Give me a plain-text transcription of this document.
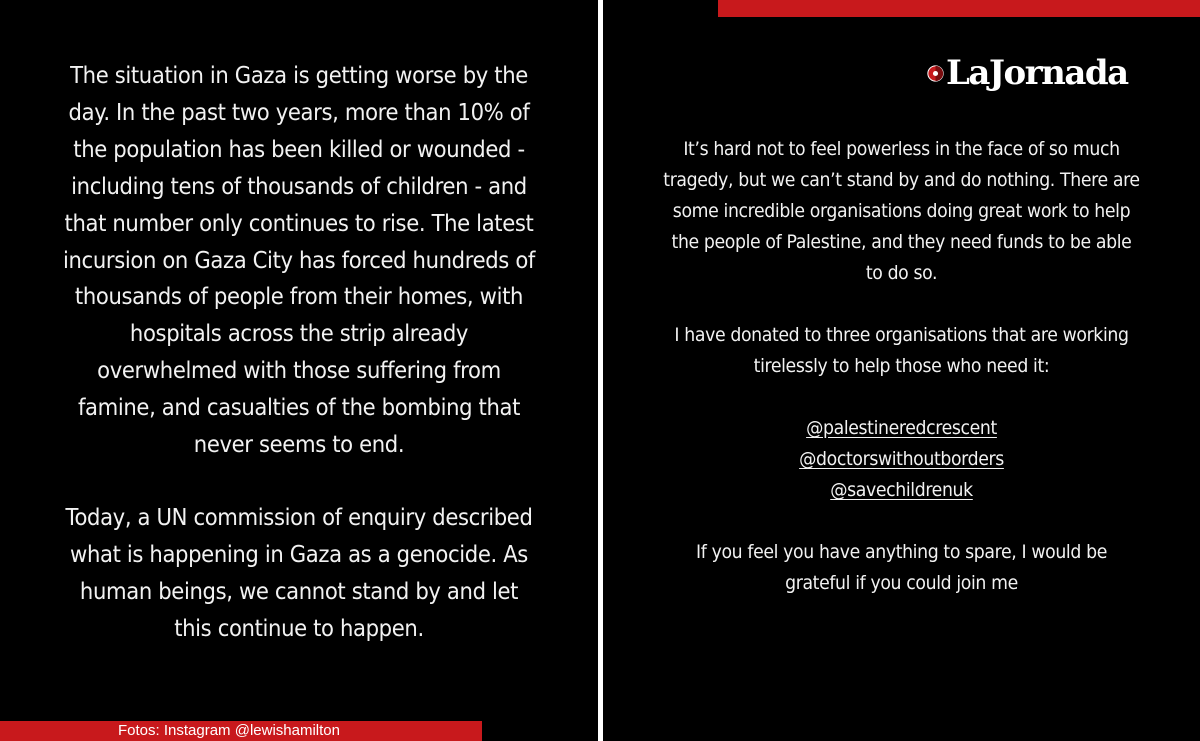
The situation in Gaza is getting worse by the day. In the past two years, more than 10% of the population has been killed or wounded - including tens of thousands of children - and that number only continues to rise. The latest incursion on Gaza City has forced hundreds of thousands of people from their homes, with hospitals across the strip already overwhelmed with those suffering from famine, and casualties of the bombing that never seems to end.

Today, a UN commission of enquiry described what is happening in Gaza as a genocide. As human beings, we cannot stand by and let this continue to happen.

It’s hard not to feel powerless in the face of so much tragedy, but we can’t stand by and do nothing. There are some incredible organisations doing great work to help the people of Palestine, and they need funds to be able to do so.

I have donated to three organisations that are working tirelessly to help those who need it:

@palestineredcrescent
@doctorswithoutborders
@savechildrenuk

If you feel you have anything to spare, I would be grateful if you could join me

LaJornada
Fotos: Instagram @lewishamilton
